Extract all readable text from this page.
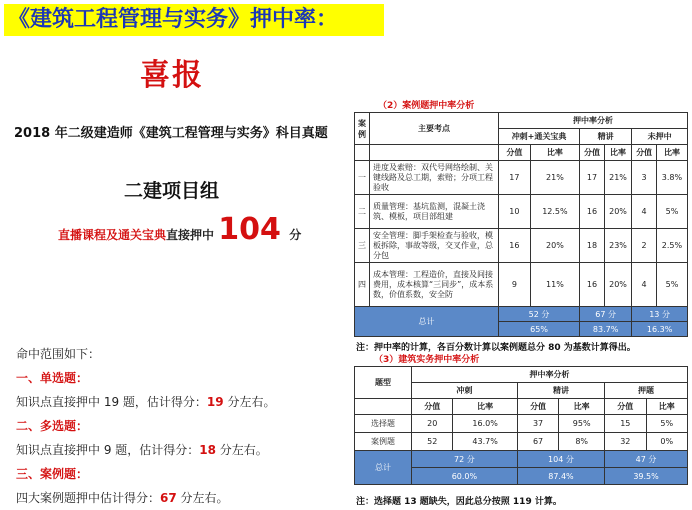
《建筑工程管理与实务》押中率：
喜报
2018 年二级建造师《建筑工程管理与实务》科目真题
二建项目组
直播课程及通关宝典直接押中 104 分
命中范围如下：
一、单选题：
知识点直接押中 19 题，估计得分：19 分左右。
二、多选题：
知识点直接押中 9 题，估计得分：18 分左右。
三、案例题：
四大案例题押中估计得分：67 分左右。
（2）案例题押中率分析
案例	主要考点	押中率分析					
		冲刺+通关宝典		精讲		未押中	
		分值	比率	分值	比率	分值	比率
一	进度及索赔：双代号网络绘制、关键线路及总工期，索赔；分项工程验收	17	21%	17	21%	3	3.8%
二	质量管理：基坑监测，混凝土浇筑、模板，项目部组建	10	12.5%	16	20%	4	5%
三	安全管理：脚手架检查与验收，模板拆除，事故等级，交叉作业，总分包	16	20%	18	23%	2	2.5%
四	成本管理：工程造价，直接及间接费用，成本核算“三同步”，成本系数，价值系数，安全防	9	11%	16	20%	4	5%
总计		52 分		67 分		13 分	
		65%		83.7%		16.3%	
注：押中率的计算，各百分数计算以案例题总分 80 为基数计算得出。
（3）建筑实务押中率分析
题型	押中率分析					
	冲刺		精讲		押题	
	分值	比率	分值	比率	分值	比率
选择题	20	16.0%	37	95%	15	5%
案例题	52	43.7%	67	8%	32	0%
总计	72 分		104 分		47 分	
	60.0%		87.4%		39.5%	
注：选择题 13 题缺失，因此总分按照 119 计算。
